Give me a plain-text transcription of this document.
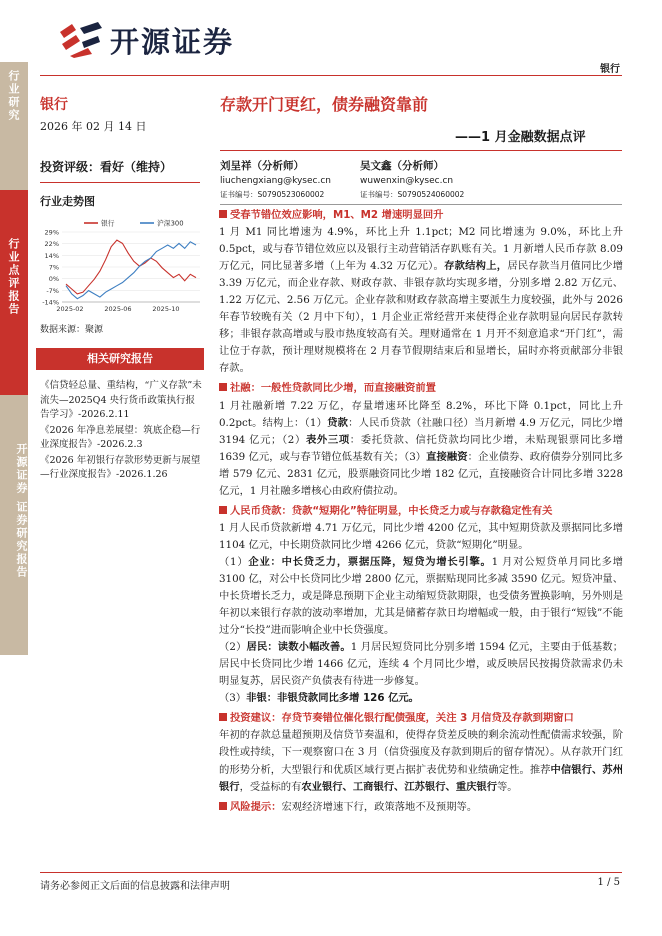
开源证券
银行
行业研究
行业点评报告
开源证券 证券研究报告
银行
2026 年 02 月 14 日
投资评级：看好（维持）
行业走势图
29%
22%
14%
7%
0%
-7%
-14%
2025-02	2025-06	2025-10
银行	沪深300
数据来源：聚源
相关研究报告

《信贷轻总量、重结构，“广义存款”未流失—2025Q4 央行货币政策执行报告学习》-2026.2.11

《2026 年净息差展望：筑底企稳—行业深度报告》-2026.2.3

《2026 年初银行存款形势更新与展望—行业深度报告》-2026.1.26

存款开门更红，债券融资靠前
——1 月金融数据点评
刘呈祥（分析师）
liuchengxiang@kysec.cn
证书编号：S0790523060002
吴文鑫（分析师）
wuwenxin@kysec.cn
证书编号：S0790524060002

受春节错位效应影响，M1、M2 增速明显回升

1 月 M1 同比增速为 4.9%，环比上升 1.1pct；M2 同比增速为 9.0%，环比上升 0.5pct，或与春节错位效应以及银行主动营销活存趴账有关。1 月新增人民币存款 8.09 万亿元，同比显著多增（上年为 4.32 万亿元）。存款结构上，居民存款当月值同比少增 3.39 万亿元，而企业存款、财政存款、非银存款均实现多增，分别多增 2.82 万亿元、1.22 万亿元、2.56 万亿元。企业存款和财政存款高增主要派生力度较强，此外与 2026 年春节较晚有关（2 月中下旬），1 月企业正常经营开来使得企业存款明显向居民存款转移；非银存款高增或与股市热度较高有关。理财通常在 1 月开不刻意追求“开门红”，需让位于存款，预计理财规模将在 2 月春节假期结束后和显增长，届时亦将贡献部分非银存款。

社融：一般性贷款同比少增，而直接融资前置

1 月社融新增 7.22 万亿，存量增速环比降至 8.2%，环比下降 0.1pct，同比上升 0.2pct。结构上：（1）贷款：人民币贷款（社融口径）当月新增 4.9 万亿元，同比少增 3194 亿元；（2）表外三项：委托贷款、信托贷款均同比少增，未贴现银票同比多增 1639 亿元，或与春节错位低基数有关；（3）直接融资：企业债券、政府债券分别同比多增 579 亿元、2831 亿元，股票融资同比少增 182 亿元，直接融资合计同比多增 3228 亿元，1 月社融多增核心由政府债拉动。

人民币贷款：贷款“短期化”特征明显，中长贷乏力或与存款稳定性有关

1 月人民币贷款新增 4.71 万亿元，同比少增 4200 亿元，其中短期贷款及票据同比多增 1104 亿元，中长期贷款同比少增 4266 亿元，贷款“短期化”明显。

（1）企业：中长贷乏力，票据压降，短贷为增长引擎。1 月对公短贷单月同比多增 3100 亿，对公中长贷同比少增 2800 亿元，票据贴现同比多减 3590 亿元。短贷冲量、中长贷增长乏力，或是降息预期下企业主动缩短贷款期限，也受债务置换影响，另外则是年初以来银行存款的波动率增加，尤其是储蓄存款日均增幅或一般，由于银行“短钱”不能过分“长投”进而影响企业中长贷强度。

（2）居民：读数小幅改善。1 月居民短贷同比分别多增 1594 亿元，主要由于低基数；居民中长贷同比少增 1466 亿元，连续 4 个月同比少增，或反映居民按揭贷款需求仍未明显复苏，居民资产负债表有待进一步修复。

（3）非银：非银贷款同比多增 126 亿元。

投资建议：存贷节奏错位催化银行配债强度，关注 3 月信贷及存款到期窗口

年初的存款总量超预期及信贷节奏温和，使得存贷差反映的剩余流动性配债需求较强，阶段性或持续，下一观察窗口在 3 月（信贷强度及存款到期后的留存情况）。从存款开门红的形势分析，大型银行和优质区域行更占据扩表优势和业绩确定性。推荐中信银行、苏州银行，受益标的有农业银行、工商银行、江苏银行、重庆银行等。

风险提示：宏观经济增速下行，政策落地不及预期等。

请务必参阅正文后面的信息披露和法律声明	1 / 5
